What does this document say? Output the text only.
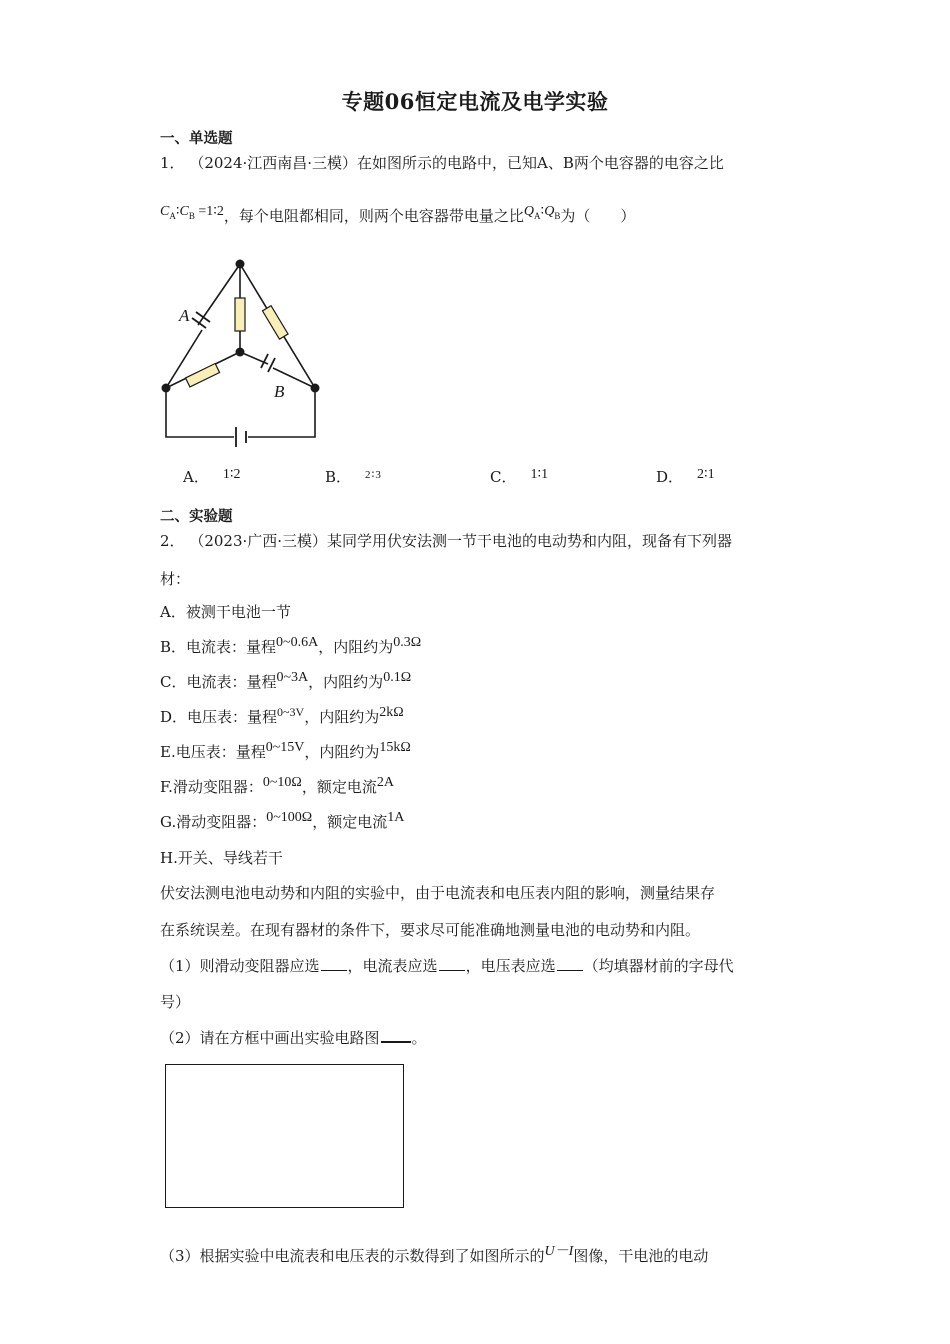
专题06恒定电流及电学实验
一、单选题
1． （2024·江西南昌·三模）在如图所示的电路中，已知A、B两个电容器的电容之比
$C_A∶C_B$ =1∶2，每个电阻都相同，则两个电容器带电量之比$Q_A∶Q_B$为（　　）
A
B
A． 1∶2	B． $^{2∶3}$	C． 1∶1	D． 2∶1
二、实验题
2． （2023·广西·三模）某同学用伏安法测一节干电池的电动势和内阻，现备有下列器
材：
A．被测干电池一节
B．电流表：量程0~0.6A，内阻约为0.3Ω
C．电流表：量程0~3A，内阻约为0.1Ω
D．电压表：量程$^{0\sim 3V}$，内阻约为2kΩ
E.电压表：量程0~15V，内阻约为15kΩ
F.滑动变阻器：0~10Ω，额定电流2A
G.滑动变阻器：0~100Ω，额定电流1A
H.开关、导线若干
伏安法测电池电动势和内阻的实验中，由于电流表和电压表内阻的影响，测量结果存
在系统误差。在现有器材的条件下，要求尽可能准确地测量电池的电动势和内阻。
（1）则滑动变阻器应选 ，电流表应选 ，电压表应选 （均填器材前的字母代
号）
（2）请在方框中画出实验电路图 。
（3）根据实验中电流表和电压表的示数得到了如图所示的U－I图像，干电池的电动
